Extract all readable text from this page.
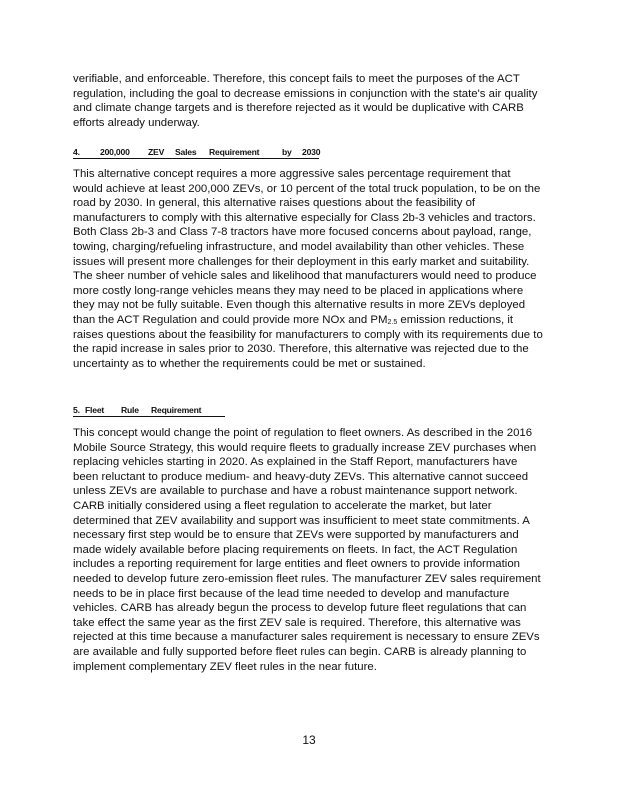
verifiable, and enforceable. Therefore, this concept fails to meet the purposes of the ACT regulation, including the goal to decrease emissions in conjunction with the state's air quality and climate change targets and is therefore rejected as it would be duplicative with CARB efforts already underway.

4. 200,000 ZEV Sales Requirement	by 2030

This alternative concept requires a more aggressive sales percentage requirement that would achieve at least 200,000 ZEVs, or 10 percent of the total truck population, to be on the road by 2030. In general, this alternative raises questions about the feasibility of manufacturers to comply with this alternative especially for Class 2b-3 vehicles and tractors. Both Class 2b-3 and Class 7-8 tractors have more focused concerns about payload, range, towing, charging/refueling infrastructure, and model availability than other vehicles. These issues will present more challenges for their deployment in this early market and suitability. The sheer number of vehicle sales and likelihood that manufacturers would need to produce more costly long-range vehicles means they may need to be placed in applications where they may not be fully suitable. Even though this alternative results in more ZEVs deployed than the ACT Regulation and could provide more NOx and $PM_{2.5}$ emission reductions, it raises questions about the feasibility for manufacturers to comply with its requirements due to the rapid increase in sales prior to 2030. Therefore, this alternative was rejected due to the uncertainty as to whether the requirements could be met or sustained.

5. Fleet Rule Requirement

This concept would change the point of regulation to fleet owners. As described in the 2016 Mobile Source Strategy, this would require fleets to gradually increase ZEV purchases when replacing vehicles starting in 2020. As explained in the Staff Report, manufacturers have been reluctant to produce medium- and heavy-duty ZEVs. This alternative cannot succeed unless ZEVs are available to purchase and have a robust maintenance support network. CARB initially considered using a fleet regulation to accelerate the market, but later determined that ZEV availability and support was insufficient to meet state commitments. A necessary first step would be to ensure that ZEVs were supported by manufacturers and made widely available before placing requirements on fleets. In fact, the ACT Regulation includes a reporting requirement for large entities and fleet owners to provide information needed to develop future zero-emission fleet rules. The manufacturer ZEV sales requirement needs to be in place first because of the lead time needed to develop and manufacture vehicles. CARB has already begun the process to develop future fleet regulations that can take effect the same year as the first ZEV sale is required. Therefore, this alternative was rejected at this time because a manufacturer sales requirement is necessary to ensure ZEVs are available and fully supported before fleet rules can begin. CARB is already planning to implement complementary ZEV fleet rules in the near future.

13
